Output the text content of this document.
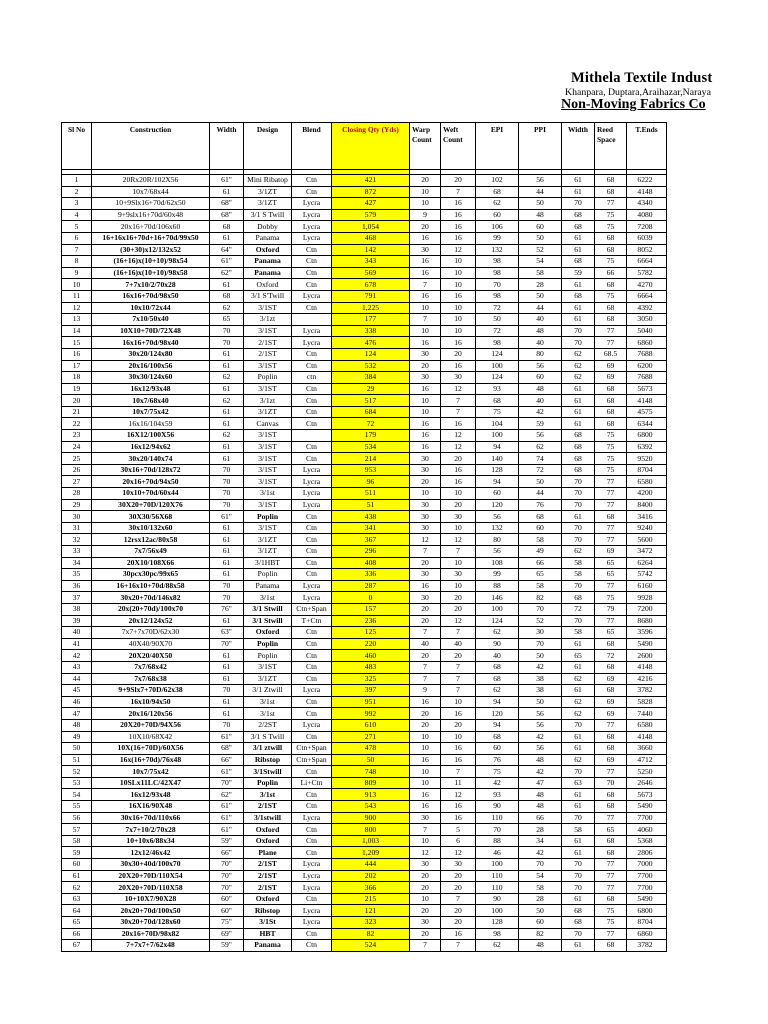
Mithela Textile Indust
Khanpara, Duptara,Araihazar,Naraya
Non-Moving Fabrics Co
Sl No	Construction	Width	Design	Blend	Closing Qty (Yds)	Warp Count	Weft Count	EPI	PPI	Width	Reed Space	T.Ends

1	20Rx20R/102X56	61"	Mini Ribatop	Ctn	421	20	20	102	56	61	68	6222
2	10x7/68x44	61	3/1ZT	Ctn	872	10	7	68	44	61	68	4148
3	10+9Slx16+70d/62x50	68"	3/1ZT	Lycra	427	10	16	62	50	70	77	4340
4	9+9slx16+70d/60x48	68"	3/1 S Twill	Lycra	579	9	16	60	48	68	75	4080
5	20x16+70d/106x60	68	Dobby	Lycra	1,054	20	16	106	60	68	75	7208
6	16+16x16+70d+16+70d/99x50	61	Panama	Lycra	468	16	16	99	50	61	68	6039
7	(30+30)x12/132x52	64"	Oxford	Ctn	142	30	12	132	52	61	68	8052
8	(16+16)x(10+10)/98x54	61"	Panama	Ctn	343	16	10	98	54	68	75	6664
9	(16+16)x(10+10)/98x58	62"	Panama	Ctn	569	16	10	98	58	59	66	5782
10	7+7x10/2/70x28	61	Oxford	Ctn	678	7	10	70	28	61	68	4270
11	16x16+70d/98x50	68	3/1 S'Twill	Lycra	791	16	16	98	50	68	75	6664
12	10x10/72x44	62	3/1ST	Ctn	1,225	10	10	72	44	61	68	4392
13	7x10/50x40	65	3/1zt		177	7	10	50	40	61	68	3050
14	10X10+70D/72X48	70	3/1ST	Lycra	338	10	10	72	48	70	77	5040
15	16x16+70d/98x40	70	2/1ST	Lycra	476	16	16	98	40	70	77	6860
16	30x20/124x80	61	2/1ST	Ctn	124	30	20	124	80	62	68.5	7688
17	20x16/100x56	61	3/1ST	Ctn	532	20	16	100	56	62	69	6200
18	30x30/124x60	62	Poplin	ctn	384	30	30	124	60	62	69	7688
19	16x12/93x48	61	3/1ST	Ctn	29	16	12	93	48	61	68	5673
20	10x7/68x40	62	3/1zt	Ctn	517	10	7	68	40	61	68	4148
21	10x7/75x42	61	3/1ZT	Ctn	684	10	7	75	42	61	68	4575
22	16x16/104x59	61	Canvas	Ctn	72	16	16	104	59	61	68	6344
23	16X12/100X56	62	3/1ST		179	16	12	100	56	68	75	6800
24	16x12/94x62	61	3/1ST	Ctn	534	16	12	94	62	68	75	6392
25	30x20/140x74	61	3/1ST	Ctn	214	30	20	140	74	68	75	9520
26	30x16+70d/128x72	70	3/1ST	Lycra	953	30	16	128	72	68	75	8704
27	20x16+70d/94x50	70	3/1ST	Lycra	96	20	16	94	50	70	77	6580
28	10x10+70d/60x44	70	3/1st	Lycra	511	10	10	60	44	70	77	4200
29	30X20+70D/120X76	70	3/1ST	Lycra	51	30	20	120	76	70	77	8400
30	30X30/56X68	61"	Poplin	Ctn	438	30	30	56	68	61	68	3416
31	30x10/132x60	61	3/1ST	Ctn	341	30	10	132	60	70	77	9240
32	12rsx12ac/80x58	61	3/1ZT	Ctn	367	12	12	80	58	70	77	5600
33	7x7/56x49	61	3/1ZT	Ctn	296	7	7	56	49	62	69	3472
34	20X10/108X66	61	3/1HBT	Ctn	408	20	10	108	66	58	65	6264
35	30pcx30pc/99x65	61	Poplin	Ctn	336	30	30	99	65	58	65	5742
36	16+16x10+70d/88x58	70	Panama	Lycra	287	16	10	88	58	70	77	6160
37	30x20+70d/146x82	70	3/1st	Lycra	0	30	20	146	82	68	75	9928
38	20x(20+70d)/100x70	76"	3/1 Stwill	Ctn+Span	157	20	20	100	70	72	79	7200
39	20x12/124x52	61	3/1 Stwill	T+Ctn	236	20	12	124	52	70	77	8680
40	7x7+7x70D/62x30	63"	Oxford	Ctn	125	7	7	62	30	58	65	3596
41	40X40/90X70	70"	Poplin	Ctn	220	40	40	90	70	61	68	5490
42	20X20/40X50	61	Poplin	Ctn	460	20	20	40	50	65	72	2600
43	7x7/68x42	61	3/1ST	Ctn	483	7	7	68	42	61	68	4148
44	7x7/68x38	61	3/1ZT	Ctn	325	7	7	68	38	62	69	4216
45	9+9Slx7+70D/62x38	70	3/1 Ztwill	Lycra	397	9	7	62	38	61	68	3782
46	16x10/94x50	61	3/1st	Ctn	951	16	10	94	50	62	69	5828
47	20x16/120x56	61	3/1st	Ctn	992	20	16	120	56	62	69	7440
48	20X20+70D/94X56	70	2/2ST	Lycra	610	20	20	94	56	70	77	6580
49	10X10/68X42	61"	3/1 S Twill	Ctn	271	10	10	68	42	61	68	4148
50	10X(16+70D)/60X56	68"	3/1 ztwill	Ctn+Span	478	10	16	60	56	61	68	3660
51	16x(16+70d)/76x48	66"	Ribstop	Ctn+Span	50	16	16	76	48	62	69	4712
52	10x7/75x42	61"	3/1Stwill	Ctn	748	10	7	75	42	70	77	5250
53	10SLx11LC/42X47	70"	Poplin	Li+Ctn	809	10	11	42	47	63	70	2646
54	16x12/93x48	62"	3/1st	Ctn	913	16	12	93	48	61	68	5673
55	16X16/90X48	61"	2/1ST	Ctn	543	16	16	90	48	61	68	5490
56	30x16+70d/110x66	61"	3/1stwill	Lycra	900	30	16	110	66	70	77	7700
57	7x7+10/2/70x28	61"	Oxford	Ctn	800	7	5	70	28	58	65	4060
58	10+10x6/88x34	59"	Oxford	Ctn	1,003	10	6	88	34	61	68	5368
59	12x12/46x42	66"	Plane	Ctn	1,209	12	12	46	42	61	68	2806
60	30x30+40d/100x70	70"	2/1ST	Lycra	444	30	30	100	70	70	77	7000
61	20X20+70D/110X54	70"	2/1ST	Lycra	202	20	20	110	54	70	77	7700
62	20X20+70D/110X58	70"	2/1ST	Lycra	366	20	20	110	58	70	77	7700
63	10+10X7/90X28	60"	Oxford	Ctn	215	10	7	90	28	61	68	5490
64	20x20+70d/100x50	60"	Ribstop	Lycra	121	20	20	100	50	68	75	6800
65	30x20+70d/128x60	75"	3/1St	Lycra	323	30	20	128	60	68	75	8704
66	20x16+70D/98x82	69"	HBT	Ctn	82	20	16	98	82	70	77	6860
67	7+7x7+7/62x48	59"	Panama	Ctn	524	7	7	62	48	61	68	3782
